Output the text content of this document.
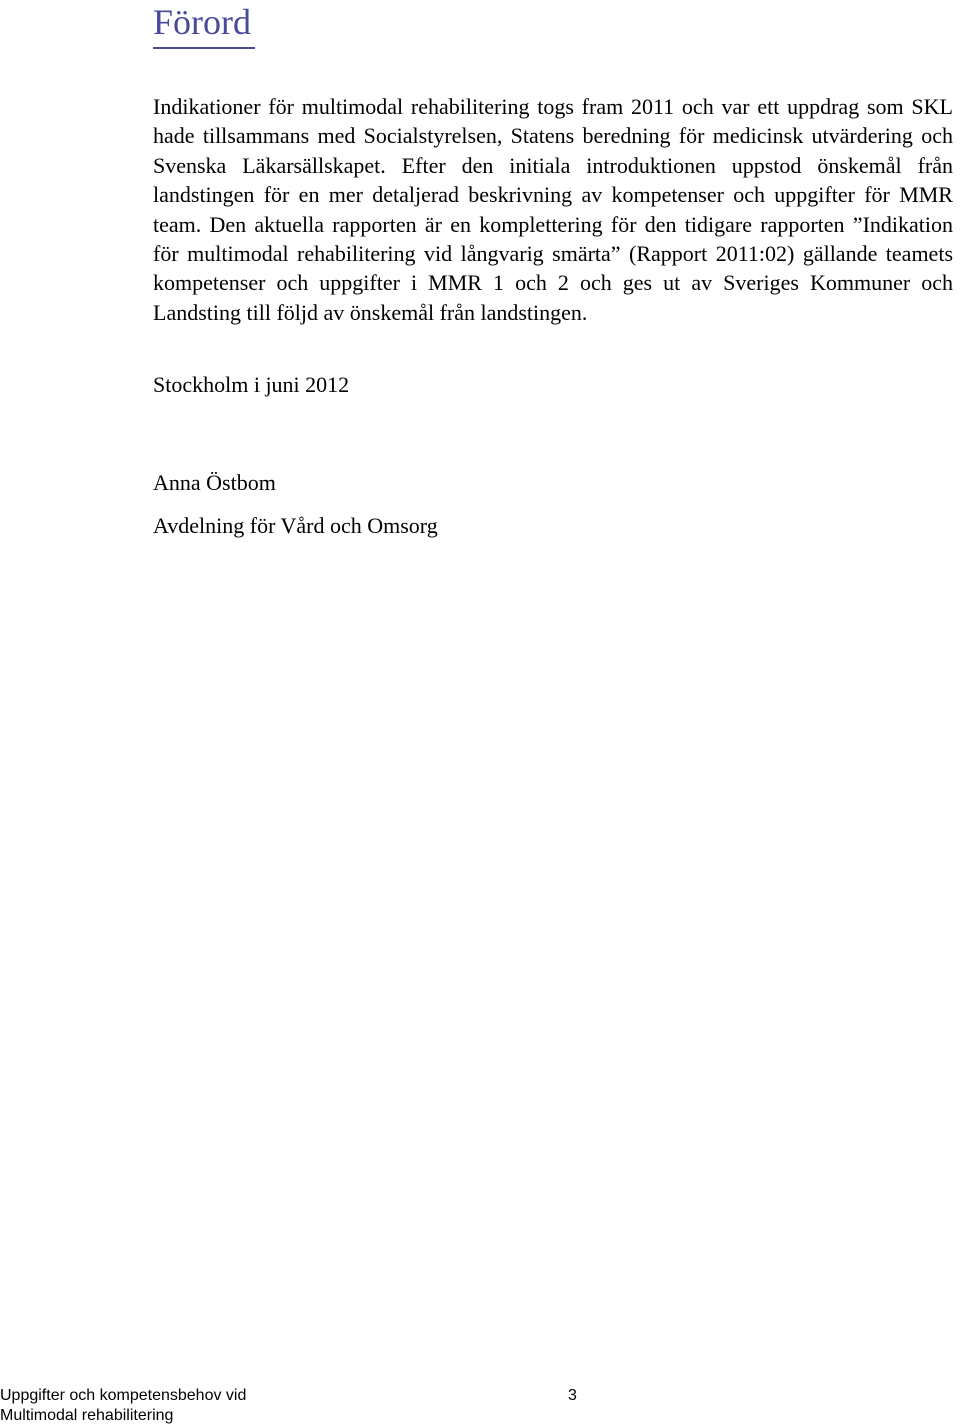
Förord

Indikationer för multimodal rehabilitering togs fram 2011 och var ett uppdrag som SKL hade tillsammans med Socialstyrelsen, Statens beredning för medicinsk utvärdering och Svenska Läkarsällskapet. Efter den initiala introduktionen uppstod önskemål från landstingen för en mer detaljerad beskrivning av kompetenser och uppgifter för MMR team. Den aktuella rapporten är en komplettering för den tidigare rapporten ”Indikation för multimodal rehabilitering vid långvarig smärta” (Rapport 2011:02) gällande teamets kompetenser och uppgifter i MMR 1 och 2 och ges ut av Sveriges Kommuner och Landsting till följd av önskemål från landstingen.

Stockholm i juni 2012

Anna Östbom

Avdelning för Vård och Omsorg

Uppgifter och kompetensbehov vid
Multimodal rehabilitering
3
